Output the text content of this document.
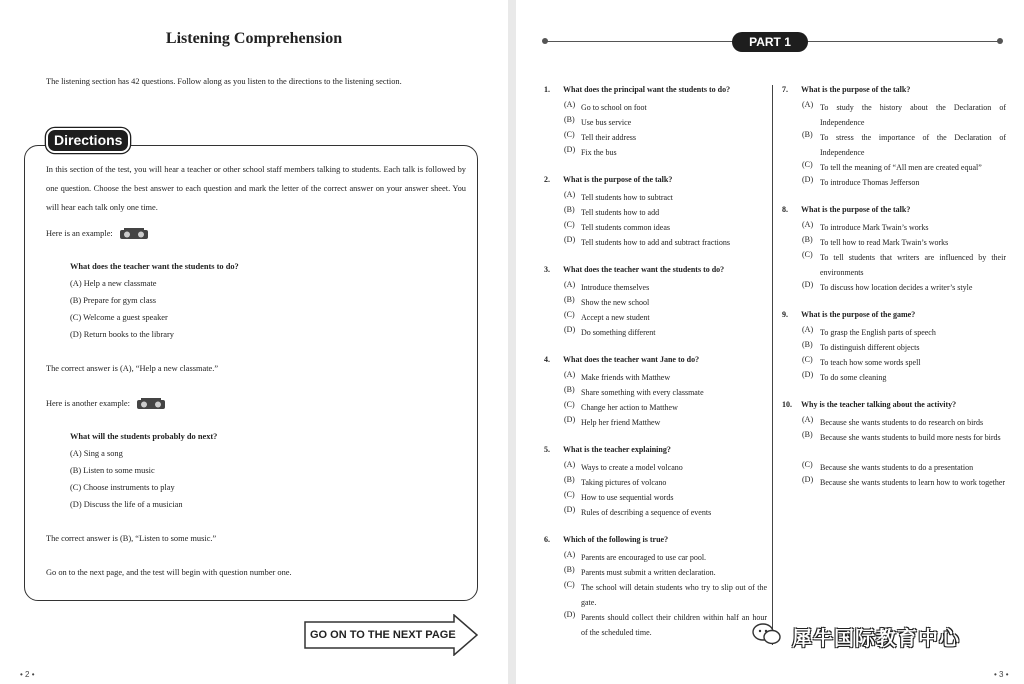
Listening Comprehension
The listening section has 42 questions. Follow along as you listen to the directions to the listening section.
Directions
In this section of the test, you will hear a teacher or other school staff members talking to students. Each talk is followed by one question. Choose the best answer to each question and mark the letter of the correct answer on your answer sheet. You will hear each talk only one time.
Here is an example:
What does the teacher want the students to do?
(A) Help a new classmate
(B) Prepare for gym class
(C) Welcome a guest speaker
(D) Return books to the library
The correct answer is (A), “Help a new classmate.”
Here is another example:
What will the students probably do next?
(A) Sing a song
(B) Listen to some music
(C) Choose instruments to play
(D) Discuss the life of a musician
The correct answer is (B), “Listen to some music.”
Go on to the next page, and the test will begin with question number one.
GO ON TO THE NEXT PAGE
• 2 •
PART 1
1. What does the principal want the students to do?
(A) Go to school on foot
(B) Use bus service
(C) Tell their address
(D) Fix the bus
2. What is the purpose of the talk?
(A) Tell students how to subtract
(B) Tell students how to add
(C) Tell students common ideas
(D) Tell students how to add and subtract fractions
3. What does the teacher want the students to do?
(A) Introduce themselves
(B) Show the new school
(C) Accept a new student
(D) Do something different
4. What does the teacher want Jane to do?
(A) Make friends with Matthew
(B) Share something with every classmate
(C) Change her action to Matthew
(D) Help her friend Matthew
5. What is the teacher explaining?
(A) Ways to create a model volcano
(B) Taking pictures of volcano
(C) How to use sequential words
(D) Rules of describing a sequence of events
6. Which of the following is true?
(A) Parents are encouraged to use car pool.
(B) Parents must submit a written declaration.
(C) The school will detain students who try to slip out of the gate.
(D) Parents should collect their children within half an hour of the scheduled time.
7. What is the purpose of the talk?
(A) To study the history about the Declaration of Independence
(B) To stress the importance of the Declaration of Independence
(C) To tell the meaning of “All men are created equal”
(D) To introduce Thomas Jefferson
8. What is the purpose of the talk?
(A) To introduce Mark Twain’s works
(B) To tell how to read Mark Twain’s works
(C) To tell students that writers are influenced by their environments
(D) To discuss how location decides a writer’s style
9. What is the purpose of the game?
(A) To grasp the English parts of speech
(B) To distinguish different objects
(C) To teach how some words spell
(D) To do some cleaning
10. Why is the teacher talking about the activity?
(A) Because she wants students to do research on birds
(B) Because she wants students to build more nests for birds
(C) Because she wants students to do a presentation
(D) Because she wants students to learn how to work together
犀牛国际教育中心
• 3 •
